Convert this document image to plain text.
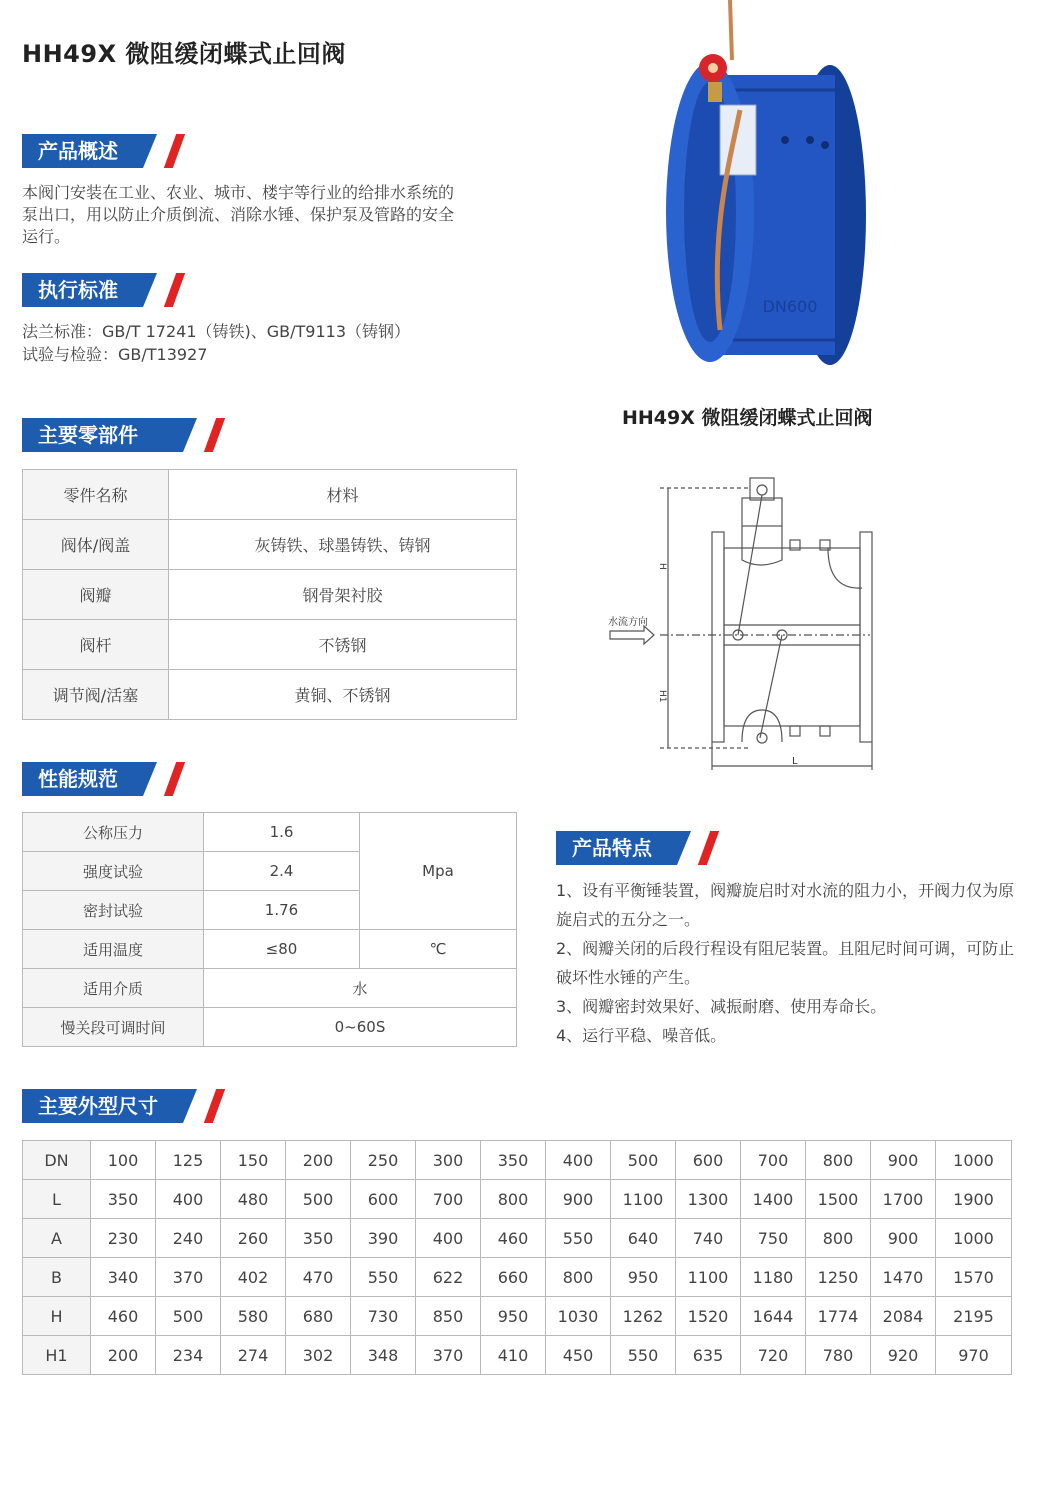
HH49X 微阻缓闭蝶式止回阀
产品概述
本阀门安装在工业、农业、城市、楼宇等行业的给排水系统的泵出口，用以防止介质倒流、消除水锤、保护泵及管路的安全运行。
执行标准
法兰标准：GB/T 17241（铸铁)、GB/T9113（铸钢）
试验与检验：GB/T13927
DN600
HH49X 微阻缓闭蝶式止回阀
水流方向
H
H1
L
主要零部件
零件名称	材料
阀体/阀盖	灰铸铁、球墨铸铁、铸钢
阀瓣	钢骨架衬胶
阀杆	不锈钢
调节阀/活塞	黄铜、不锈钢
性能规范
公称压力	1.6	Mpa
强度试验	2.4	
密封试验	1.76	
适用温度	≤80	℃
适用介质	水	
慢关段可调时间	0~60S	
产品特点
1、设有平衡锤装置，阀瓣旋启时对水流的阻力小，开阀力仅为原旋启式的五分之一。
2、阀瓣关闭的后段行程设有阻尼装置。且阻尼时间可调，可防止破坏性水锤的产生。
3、阀瓣密封效果好、减振耐磨、使用寿命长。
4、运行平稳、噪音低。
主要外型尺寸
DN	100	125	150	200	250	300	350	400	500	600	700	800	900	1000
L	350	400	480	500	600	700	800	900	1100	1300	1400	1500	1700	1900
A	230	240	260	350	390	400	460	550	640	740	750	800	900	1000
B	340	370	402	470	550	622	660	800	950	1100	1180	1250	1470	1570
H	460	500	580	680	730	850	950	1030	1262	1520	1644	1774	2084	2195
H1	200	234	274	302	348	370	410	450	550	635	720	780	920	970
